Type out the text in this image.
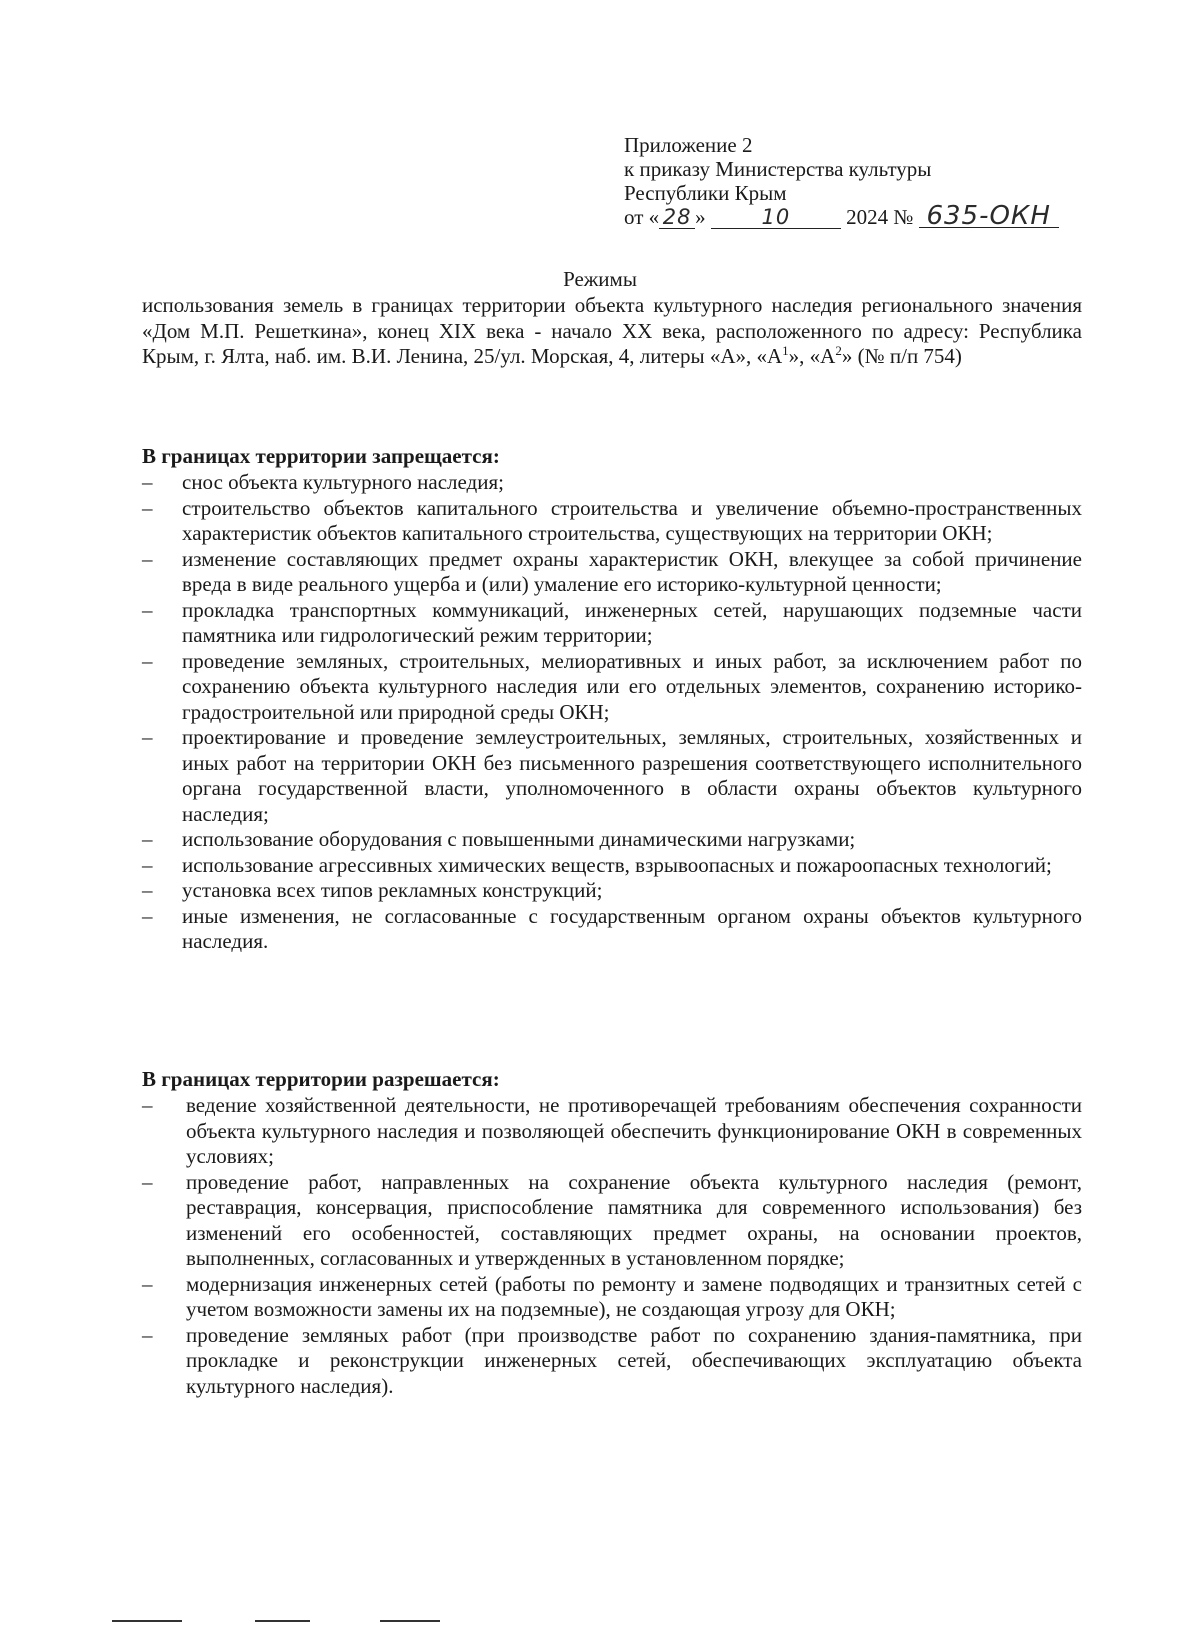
Приложение 2
к приказу Министерства культуры
Республики Крым
от « 28 »	10	2024 № 635-ОКН
Режимы
использования земель в границах территории объекта культурного наследия регионального значения «Дом М.П. Решеткина», конец XIX века - начало XX века, расположенного по адресу: Республика Крым, г. Ялта, наб. им. В.И. Ленина, 25/ул. Морская, 4, литеры «А», «$А^1$», «$А^2$» (№ п/п 754)
В границах территории запрещается:
– снос объекта культурного наследия;
– строительство объектов капитального строительства и увеличение объемно-пространственных характеристик объектов капитального строительства, существующих на территории ОКН;
– изменение составляющих предмет охраны характеристик ОКН, влекущее за собой причинение вреда в виде реального ущерба и (или) умаление его историко-культурной ценности;
– прокладка транспортных коммуникаций, инженерных сетей, нарушающих подземные части памятника или гидрологический режим территории;
– проведение земляных, строительных, мелиоративных и иных работ, за исключением работ по сохранению объекта культурного наследия или его отдельных элементов, сохранению историко-градостроительной или природной среды ОКН;
– проектирование и проведение землеустроительных, земляных, строительных, хозяйственных и иных работ на территории ОКН без письменного разрешения соответствующего исполнительного органа государственной власти, уполномоченного в области охраны объектов культурного наследия;
– использование оборудования с повышенными динамическими нагрузками;
– использование агрессивных химических веществ, взрывоопасных и пожароопасных технологий;
– установка всех типов рекламных конструкций;
– иные изменения, не согласованные с государственным органом охраны объектов культурного наследия.
В границах территории разрешается:
– ведение хозяйственной деятельности, не противоречащей требованиям обеспечения сохранности объекта культурного наследия и позволяющей обеспечить функционирование ОКН в современных условиях;
– проведение работ, направленных на сохранение объекта культурного наследия (ремонт, реставрация, консервация, приспособление памятника для современного использования) без изменений его особенностей, составляющих предмет охраны, на основании проектов, выполненных, согласованных и утвержденных в установленном порядке;
– модернизация инженерных сетей (работы по ремонту и замене подводящих и транзитных сетей с учетом возможности замены их на подземные), не создающая угрозу для ОКН;
– проведение земляных работ (при производстве работ по сохранению здания-памятника, при прокладке и реконструкции инженерных сетей, обеспечивающих эксплуатацию объекта культурного наследия).
